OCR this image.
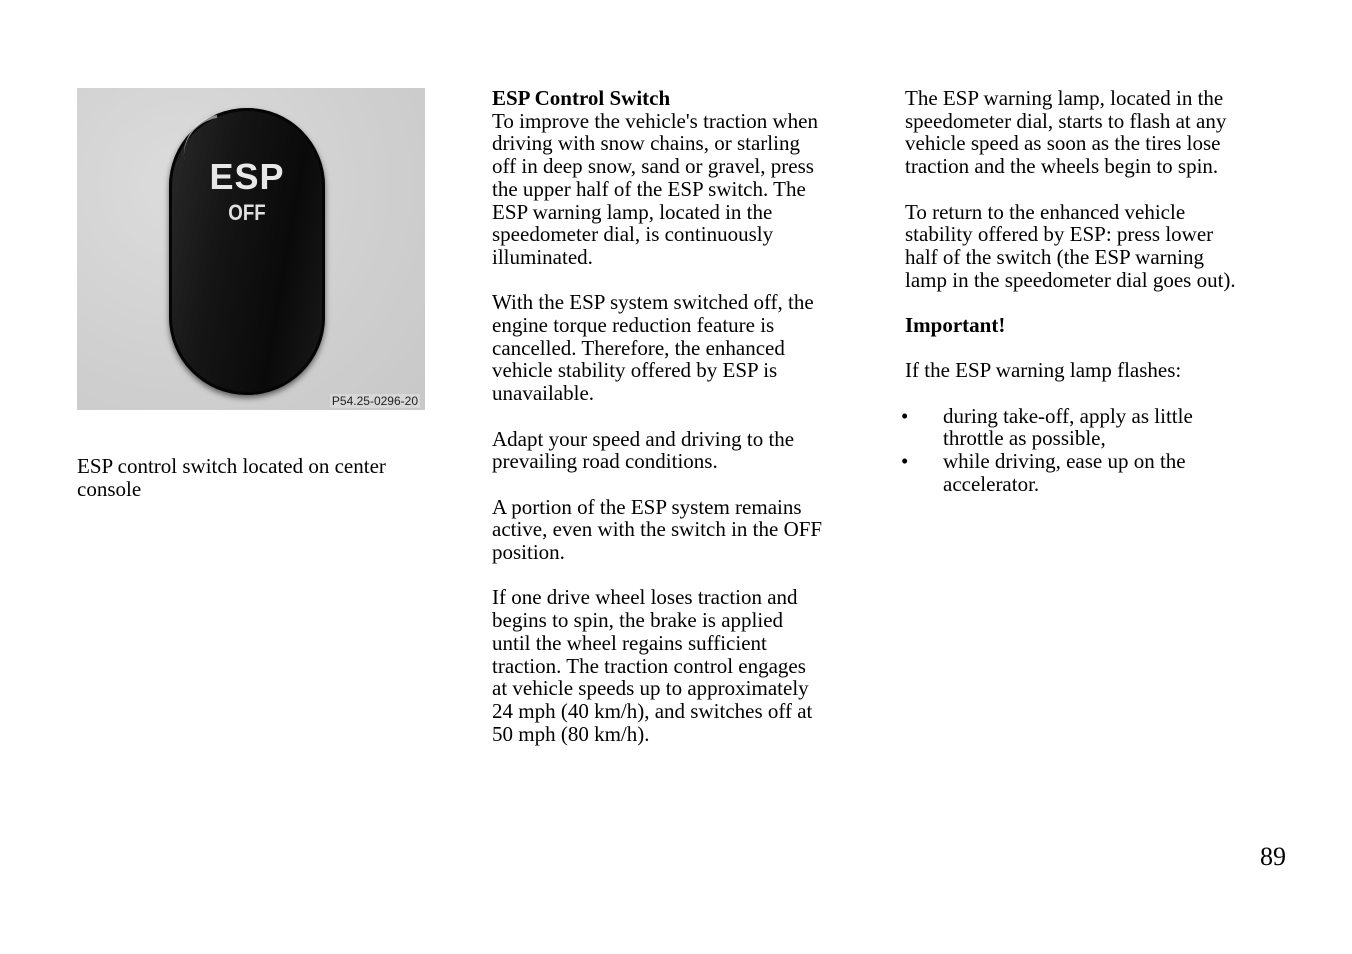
ESP
OFF
P54.25-0296-20
ESP control switch located on center console

ESP Control Switch
To improve the vehicle's traction when
driving with snow chains, or starling
off in deep snow, sand or gravel, press
the upper half of the ESP switch. The
ESP warning lamp, located in the
speedometer dial, is continuously
illuminated.

With the ESP system switched off, the
engine torque reduction feature is
cancelled. Therefore, the enhanced
vehicle stability offered by ESP is
unavailable.

Adapt your speed and driving to the
prevailing road conditions.

A portion of the ESP system remains
active, even with the switch in the OFF
position.

If one drive wheel loses traction and
begins to spin, the brake is applied
until the wheel regains sufficient
traction. The traction control engages
at vehicle speeds up to approximately
24 mph (40 km/h), and switches off at
50 mph (80 km/h).

The ESP warning lamp, located in the
speedometer dial, starts to flash at any
vehicle speed as soon as the tires lose
traction and the wheels begin to spin.

To return to the enhanced vehicle
stability offered by ESP: press lower
half of the switch (the ESP warning
lamp in the speedometer dial goes out).

Important!

If the ESP warning lamp flashes:

• during take-off, apply as little
throttle as possible,
• while driving, ease up on the
accelerator.
89
